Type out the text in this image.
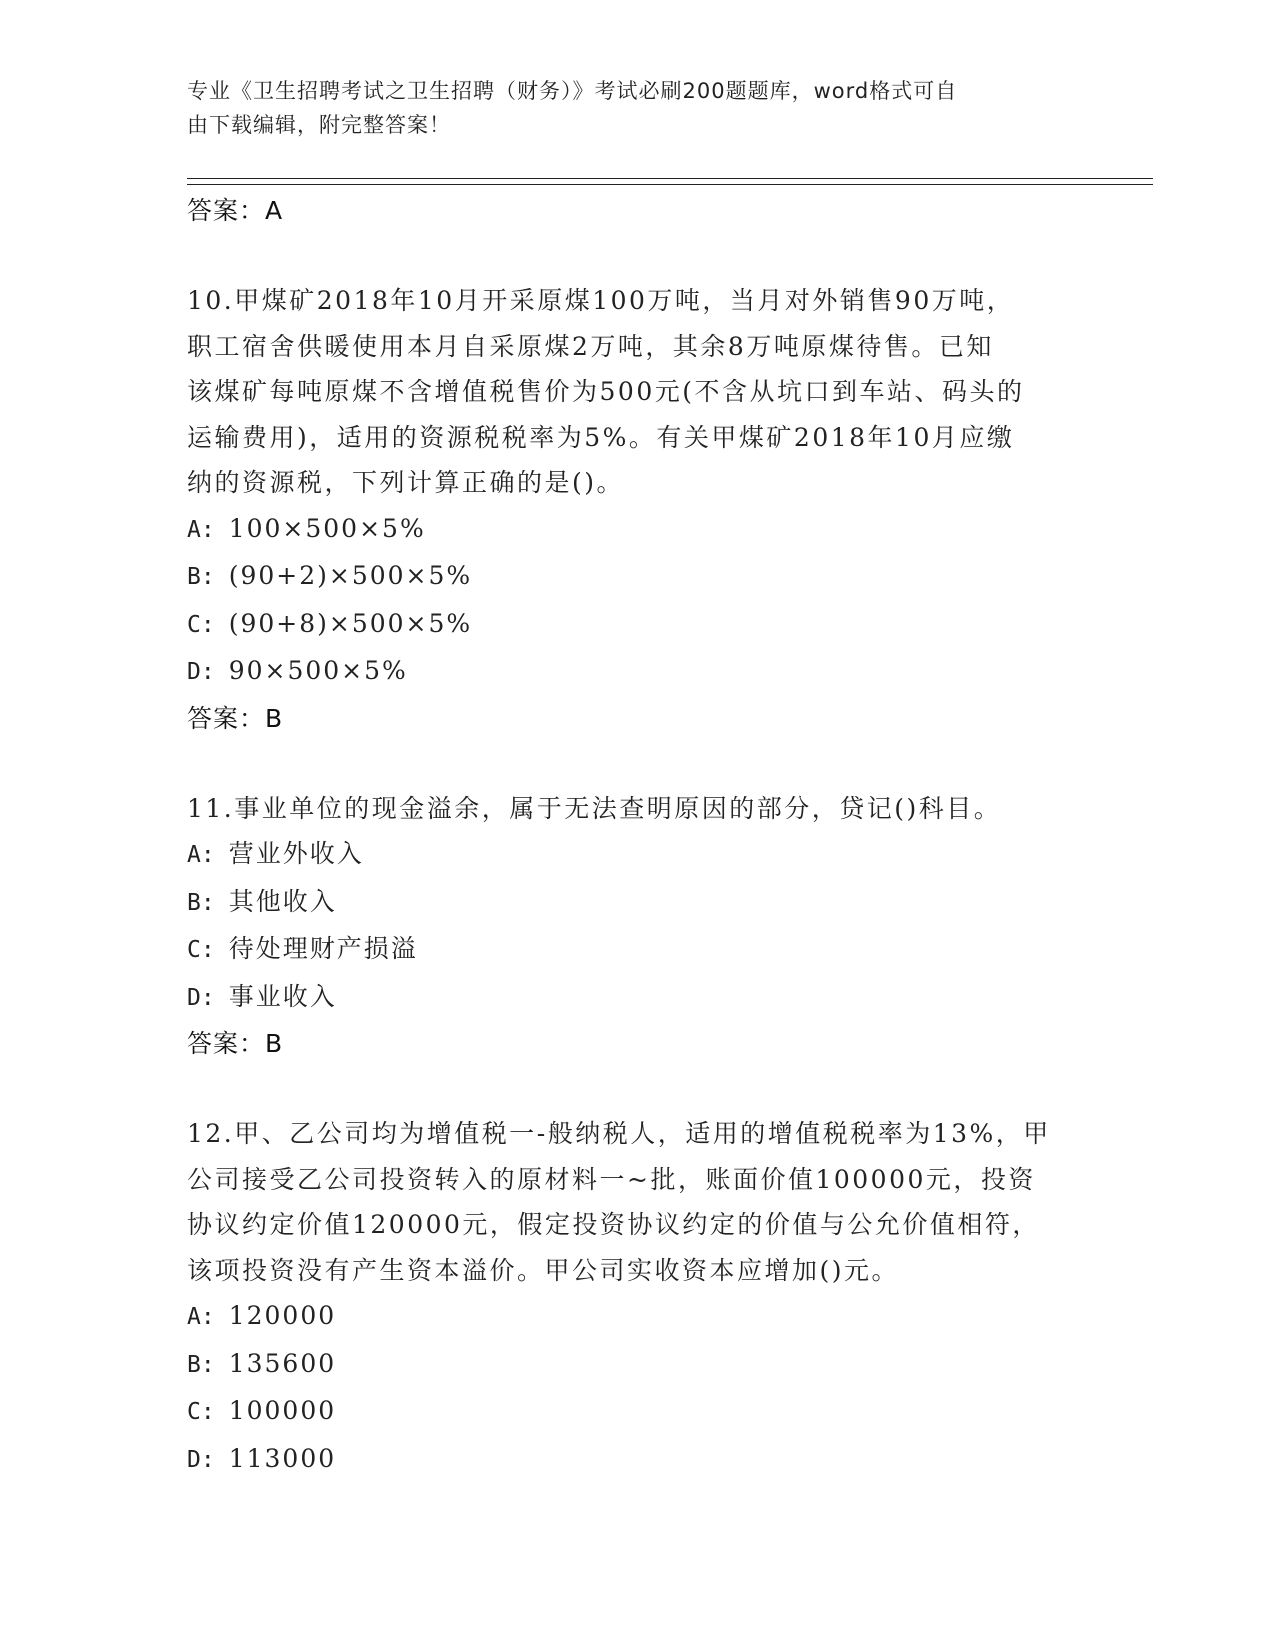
专业《卫生招聘考试之卫生招聘（财务）》考试必刷200题题库，word格式可自
由下载编辑，附完整答案！
答案：A
10.甲煤矿2018年10月开采原煤100万吨，当月对外销售90万吨，
职工宿舍供暖使用本月自采原煤2万吨，其余8万吨原煤待售。已知
该煤矿每吨原煤不含增值税售价为500元(不含从坑口到车站、码头的
运输费用)，适用的资源税税率为5%。有关甲煤矿2018年10月应缴
纳的资源税，下列计算正确的是()。
A: 100×500×5%
B: (90+2)×500×5%
C: (90+8)×500×5%
D: 90×500×5%
答案：B
11.事业单位的现金溢余，属于无法查明原因的部分，贷记()科目。
A: 营业外收入
B: 其他收入
C: 待处理财产损溢
D: 事业收入
答案：B
12.甲、乙公司均为增值税一-般纳税人，适用的增值税税率为13%，甲
公司接受乙公司投资转入的原材料一~批，账面价值100000元，投资
协议约定价值120000元，假定投资协议约定的价值与公允价值相符，
该项投资没有产生资本溢价。甲公司实收资本应增加()元。
A: 120000
B: 135600
C: 100000
D: 113000
